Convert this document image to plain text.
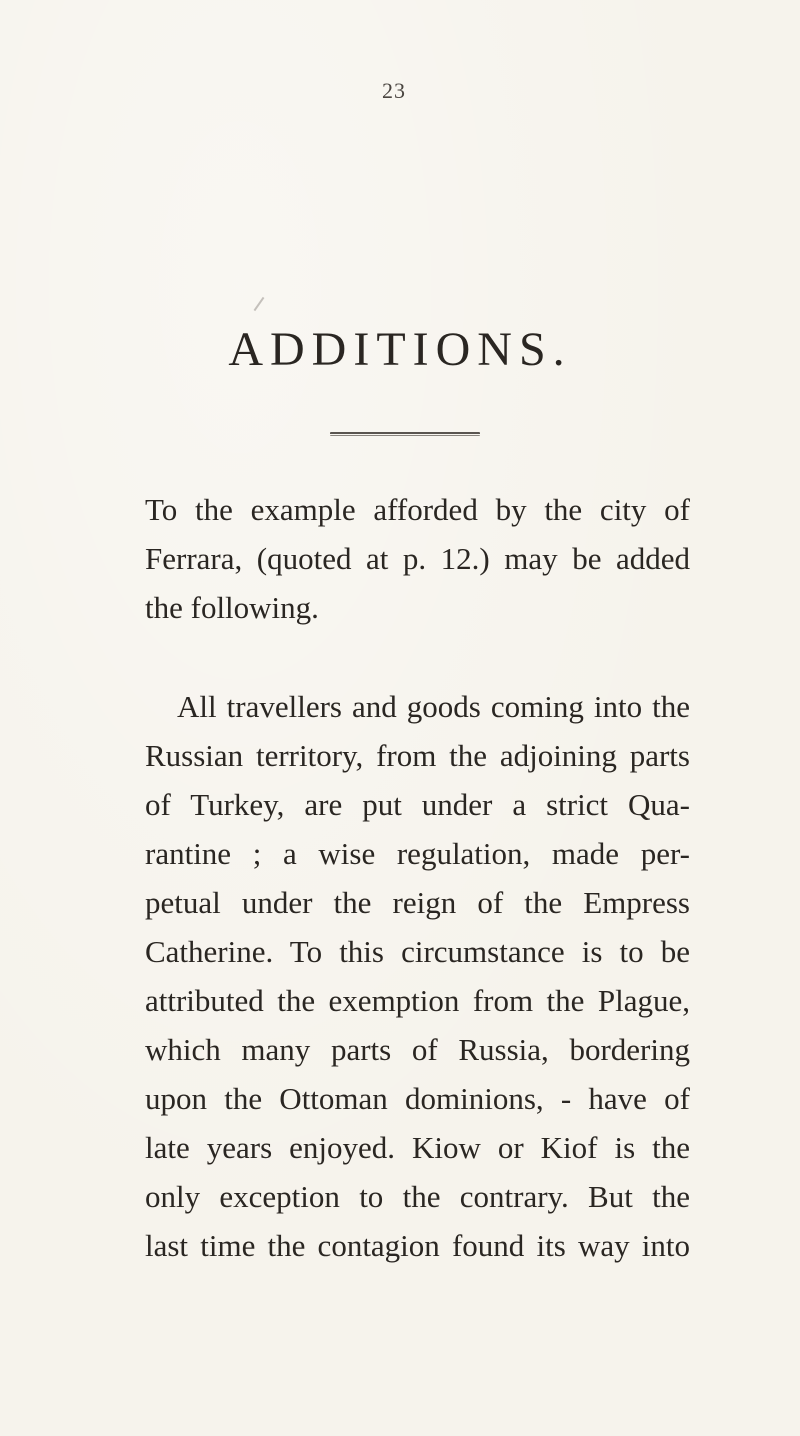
23
ADDITIONS.
To the example afforded by the city of
Ferrara, (quoted at p. 12.) may be added
the following.
All travellers and goods coming into the
Russian territory, from the adjoining parts
of Turkey, are put under a strict Qua-
rantine ; a wise regulation, made per-
petual under the reign of the Empress
Catherine. To this circumstance is to be
attributed the exemption from the Plague,
which many parts of Russia, bordering
upon the Ottoman dominions, - have of
late years enjoyed. Kiow or Kiof is the
only exception to the contrary. But the
last time the contagion found its way into
